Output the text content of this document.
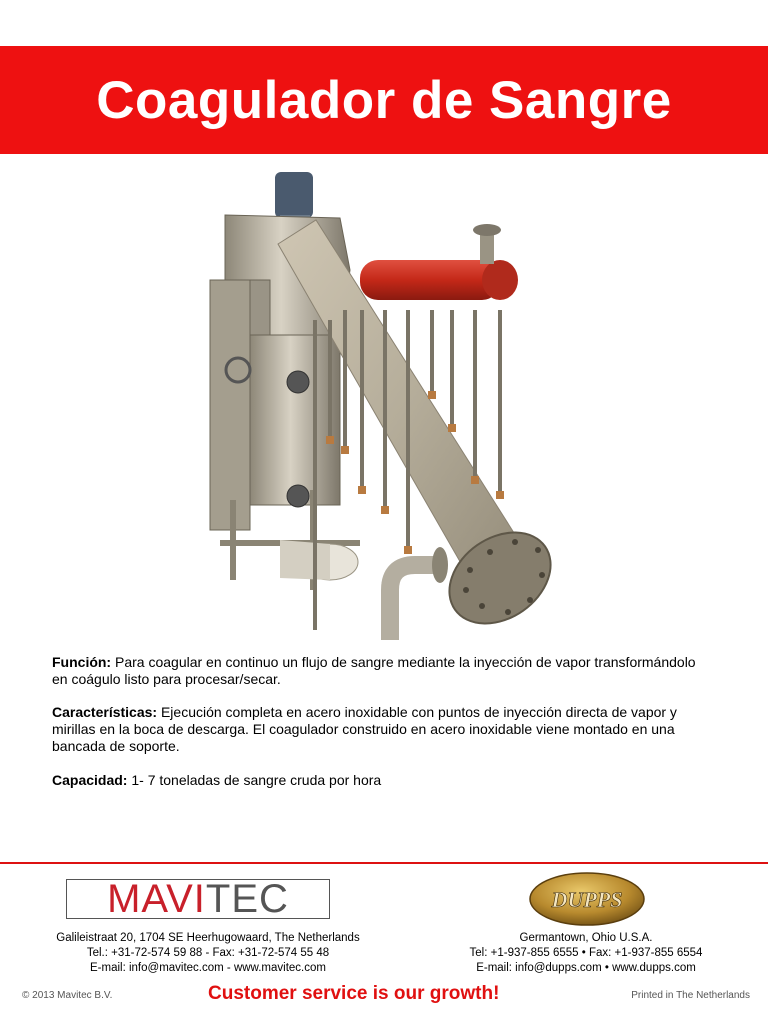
Coagulador de Sangre
Función: Para coagular en continuo un flujo de sangre mediante la inyección de vapor transformándolo en coágulo listo para procesar/secar.
Características: Ejecución completa en acero inoxidable con puntos de inyección directa de vapor y mirillas en la boca de descarga. El coagulador construido en acero inoxidable viene montado en una bancada de soporte.
Capacidad: 1- 7 toneladas de sangre cruda por hora
MAVI TEC	DUPPS
Galileistraat 20, 1704 SE Heerhugowaard, The Netherlands
Tel.: +31-72-574 59 88 - Fax: +31-72-574 55 48
E-mail: info@mavitec.com - www.mavitec.com
Germantown, Ohio U.S.A.
Tel: +1-937-855 6555 • Fax: +1-937-855 6554
E-mail: info@dupps.com • www.dupps.com
© 2013 Mavitec B.V.	Customer service is our growth!	Printed in The Netherlands
